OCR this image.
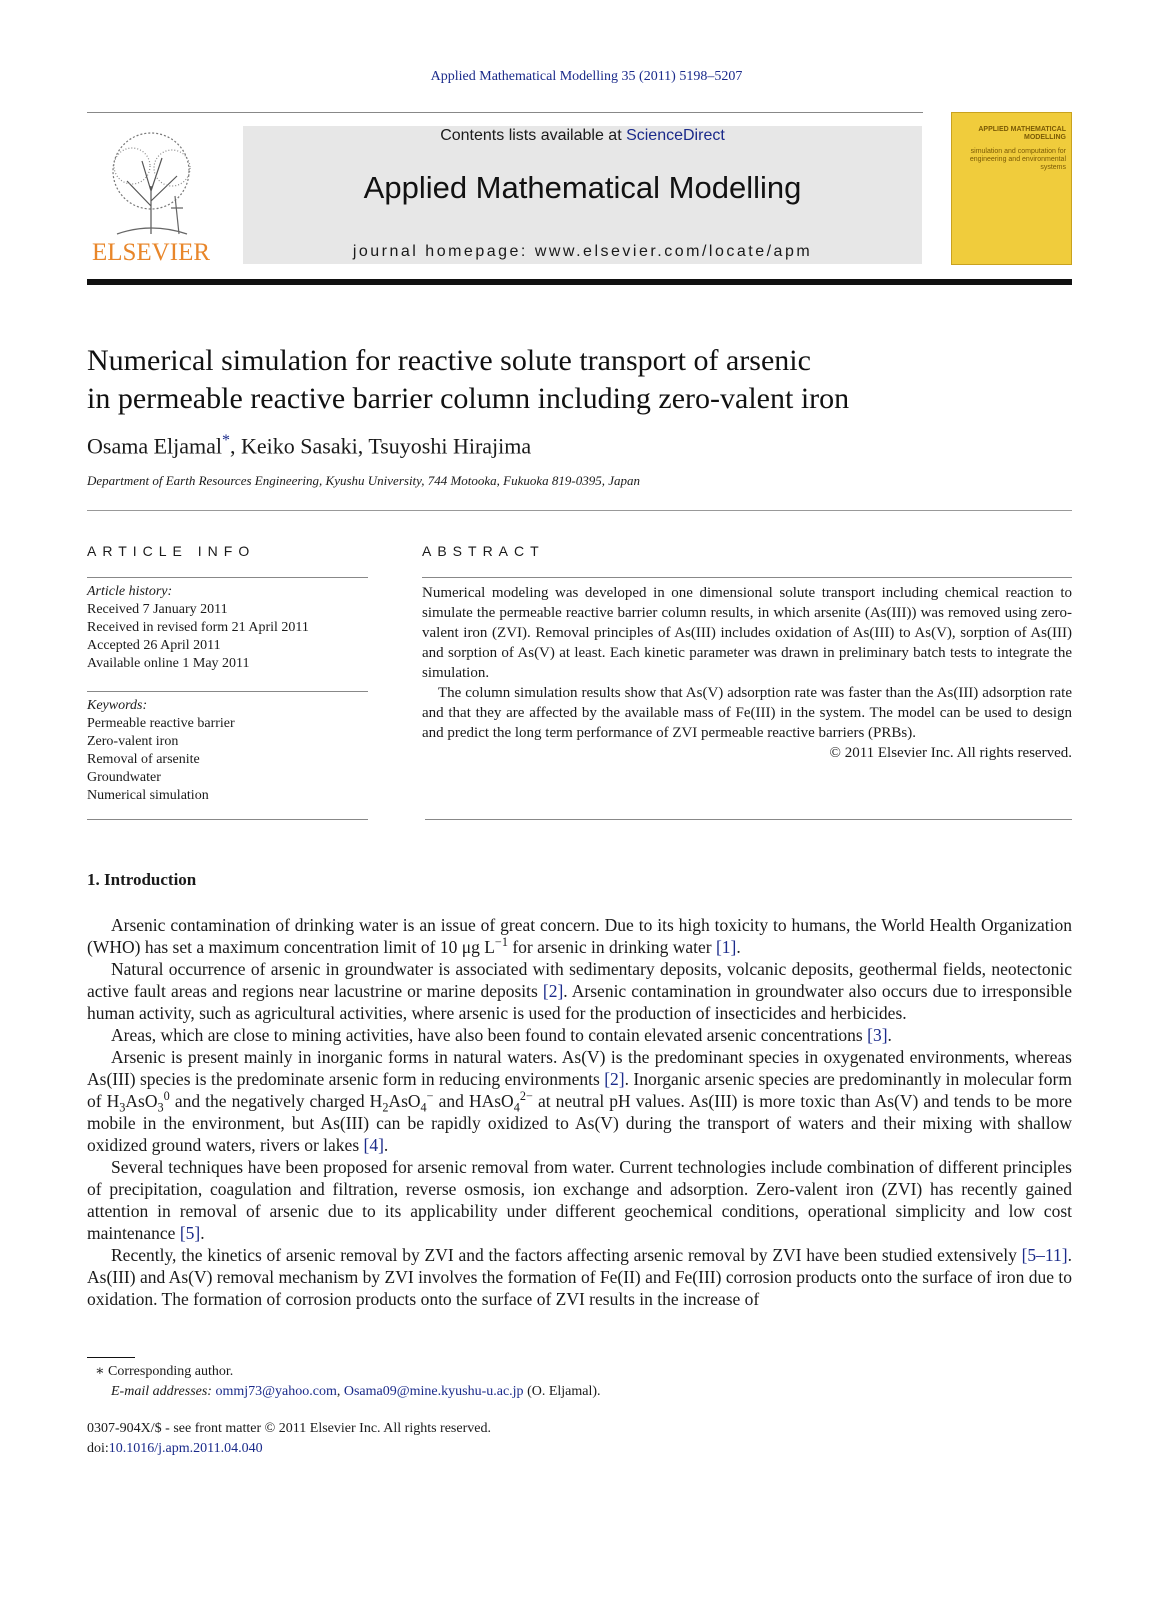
Applied Mathematical Modelling 35 (2011) 5198–5207
ELSEVIER
Contents lists available at ScienceDirect
Applied Mathematical Modelling
journal homepage: www.elsevier.com/locate/apm
APPLIED MATHEMATICAL MODELLING
simulation and computation for engineering and environmental systems
Numerical simulation for reactive solute transport of arsenic
in permeable reactive barrier column including zero-valent iron
Osama Eljamal*, Keiko Sasaki, Tsuyoshi Hirajima
Department of Earth Resources Engineering, Kyushu University, 744 Motooka, Fukuoka 819-0395, Japan
ARTICLE INFO
Article history:
Received 7 January 2011
Received in revised form 21 April 2011
Accepted 26 April 2011
Available online 1 May 2011
Keywords:
Permeable reactive barrier
Zero-valent iron
Removal of arsenite
Groundwater
Numerical simulation
ABSTRACT

Numerical modeling was developed in one dimensional solute transport including chemical reaction to simulate the permeable reactive barrier column results, in which arsenite (As(III)) was removed using zero-valent iron (ZVI). Removal principles of As(III) includes oxidation of As(III) to As(V), sorption of As(III) and sorption of As(V) at least. Each kinetic parameter was drawn in preliminary batch tests to integrate the simulation.

The column simulation results show that As(V) adsorption rate was faster than the As(III) adsorption rate and that they are affected by the available mass of Fe(III) in the system. The model can be used to design and predict the long term performance of ZVI permeable reactive barriers (PRBs).

© 2011 Elsevier Inc. All rights reserved.

1. Introduction

Arsenic contamination of drinking water is an issue of great concern. Due to its high toxicity to humans, the World Health Organization (WHO) has set a maximum concentration limit of 10 μg $L^{-1}$ for arsenic in drinking water [1].

Natural occurrence of arsenic in groundwater is associated with sedimentary deposits, volcanic deposits, geothermal fields, neotectonic active fault areas and regions near lacustrine or marine deposits [2]. Arsenic contamination in groundwater also occurs due to irresponsible human activity, such as agricultural activities, where arsenic is used for the production of insecticides and herbicides.

Areas, which are close to mining activities, have also been found to contain elevated arsenic concentrations [3].

Arsenic is present mainly in inorganic forms in natural waters. As(V) is the predominant species in oxygenated environments, whereas As(III) species is the predominate arsenic form in reducing environments [2]. Inorganic arsenic species are predominantly in molecular form of $H_3AsO_3^0$ and the negatively charged $H_2AsO_4^-$ and HAsO$_4^{2-}$ at neutral pH values. As(III) is more toxic than As(V) and tends to be more mobile in the environment, but As(III) can be rapidly oxidized to As(V) during the transport of waters and their mixing with shallow oxidized ground waters, rivers or lakes [4].

Several techniques have been proposed for arsenic removal from water. Current technologies include combination of different principles of precipitation, coagulation and filtration, reverse osmosis, ion exchange and adsorption. Zero-valent iron (ZVI) has recently gained attention in removal of arsenic due to its applicability under different geochemical conditions, operational simplicity and low cost maintenance [5].

Recently, the kinetics of arsenic removal by ZVI and the factors affecting arsenic removal by ZVI have been studied extensively [5–11]. As(III) and As(V) removal mechanism by ZVI involves the formation of Fe(II) and Fe(III) corrosion products onto the surface of iron due to oxidation. The formation of corrosion products onto the surface of ZVI results in the increase of

∗ Corresponding author.
E-mail addresses: ommj73@yahoo.com, Osama09@mine.kyushu-u.ac.jp (O. Eljamal).
0307-904X/$ - see front matter © 2011 Elsevier Inc. All rights reserved.
doi:10.1016/j.apm.2011.04.040
